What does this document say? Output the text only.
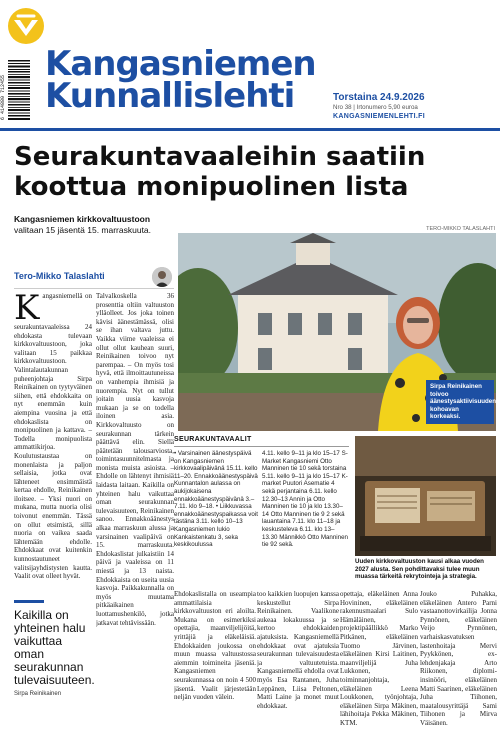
6 414880 712455
Kangasniemen
Kunnallislehti	Torstaina 24.9.2026
Nro 38 | Irtonumero 5,90 euroa
KANGASNIEMENLEHTI.FI
Seurakuntavaaleihin saatiin koottua monipuolinen lista
Kangasniemen kirkkovaltuustoon
valitaan 15 jäsentä 15. marraskuuta.	TERO-MIKKO TALASLAHTI
Tero-Mikko Talaslahti
K angasniemellä on seurakuntavaaleissa 24 ehdokasta tulevaan kirkkovaltuustoon, joka valitaan 15 paikkaa kirkkovaltuustoon. Valintalautakunnan puheenjohtaja Sirpa Reinikainen on tyytyväinen siihen, että ehdokkaita on nyt enemmän kuin aiempina vuosina ja että ehdokaslista on monipuolinen ja kattava. – Todella monipuolista ammattikirjoa. Koulutustaustaa on monenlaista ja paljon sellaisia, jotka ovat lähteneet ensimmäistä kertaa ehdolle, Reinikainen iloitsee. – Yksi nuori on mukana, mutta nuoria olisi toivonut enemmän. Tässä on ollut etsimistä, sillä nuoria on vaikea saada lähtemään ehdolle. Ehdokkaat ovat kuitenkin kunnostautuneet valitsijayhdistysten kautta. Vaalit ovat olleet hyvät.
Talvalkoskella 36 prosenttia oltiin valtuuston ylläolleet. Jos joka toinen kävisi äänestämässä, olisi se ihan valtava juttu. Vaikka viime vaaleissa ei ollut ollut kauhean suuri, Reinikainen toivoo nyt parempaa. – On myös tosi hyvä, että ilmoittautuneissa on vanhempia ihmisiä ja nuorempia. Nyt on tullut joitain uusia kasvoja mukaan ja se on todella iloinen asia. Kirkkovaltuusto on seurakunnan tärkein päättävä elin. Siellä päätetään talousarviosta, toimintasuunnitelmasta ja monista muista asioista. – Ehdolle on lähtenyt ihmisiä laidasta laitaan. Kaikilla on yhteinen halu vaikuttaa oman seurakunnan tulevaisuuteen, Reinikainen sanoo. Ennakkoäänestys alkaa marraskuun alussa ja varsinainen vaalipäivä on 15. marraskuuta. Ehdokaslistat julkaistiin 14 päivä ja vaaleissa on 11 miestä ja 13 naista. Ehdokkaista on useita uusia kasvoja. Paikkakunnalla on myös muutama pitkäaikainen luottamushenkilö, jotka jatkavat tehtävissään.
Kaikilla on yhteinen halu vaikuttaa oman seurakunnan tulevaisuuteen.
Sirpa Reinikainen
Sirpa Reinikainen toivoo äänestysaktiivisuuden kohoavan korkeaksi.
SEURAKUNTAVAALIT
• Varsinainen äänestyspäivä on Kangasniemen kirkkovaalipäivänä 15.11. kello 11–20. Ennakkoäänestyspäivä Kunnantalon aulassa on aukijokaisena ennakkoäänestyspäivänä 3.–7.11. klo 9–18. • Liikkuvassa ennakkoäänestyspaikassa voit tästäna 3.11. kello 10–13 Kangasniemen lukio Kankaistenkatu 3, seka keskikoulussa
4.11. kello 9–11 ja klo 15–17 S-Market Kangasniemi Otto Manninen tie 10 sekä torstaina 5.11. kello 9–11 ja klo 15–17 K-market Puutori Asematie 4 sekä perjantaina 6.11. kello 12.30–13 Annin ja Otto Manninen tie 10 ja klo 13.30–14 Otto Manninen tie 9 2 sekä lauantaina 7.11. klo 11–18 ja keskusteleva 6.11. klo 13–13.30 Männikkö Otto Manninen tie 92 sekä.
Uuden kirkkovaltuuston kausi alkaa vuoden 2027 alusta. Sen pohdittavaksi tulee muun muassa tärkeitä rekrytointeja ja strategia.
Ehdokaslistalla on useampia ammattilaisia kirkkovaltuuston eri aloilta. Mukana on esimerkiksi opettajia, maanviljelijöitä, yrittäjiä ja eläkeläisiä. Ehdokkaiden joukossa on muun muassa valtuustossa aiemmin toimineita jäseniä. Kangasniemen seurakunnassa on noin 4 500 jäsentä. Vaalit järjestetään neljän vuoden välein.
too kaikkien luopujen kanssa keskustellut Sirpa Reinikainen. Vaalikone aukeaa lokakuussa ja se kertoo ehdokkaiden ajatuksista. Kangasniemellä ehdokkaat ovat ajatuksia seurakunnan tulevaisuudesta ja valtuutetuista. Kangasniemellä ehdolla ovat myös Esa Rantanen, Juha Leppänen, Liisa Peltonen, Matti Laine ja monet muut ehdokkaat.
opettaja, eläkeläinen Anna Hovininen, eläkeläinen rakennusmaalari Sulo Hämäläinen, projektipäällikkö Marko Pitkänen, eläkeläinen Tuomo Järvinen, eläkeläinen Kirsi Laitinen, maanviljelijä Juha Lukkonen, toiminnanjohtaja, eläkeläinen Leena Loukkonen, työnjohtaja, eläkeläinen Sirpa Mäkinen, lähihoitaja Pekka Mäkinen, KTM.
Jouko Puhakka, eläkeläinen Antero Parni vastaanottovirkailija Jonna Pynnönen, eläkeläinen Veijo Pynnönen, varhaiskasvatuksen lastenhoitaja Mervi Pyykkönen, ex-lehdenjakaja Arto Riikonen, diplomi-insinööri, eläkeläinen Matti Saarinen, eläkeläinen Juha Tiihonen, maatalousyrittäjä Sami Tiihonen ja Mirva Väisänen.
